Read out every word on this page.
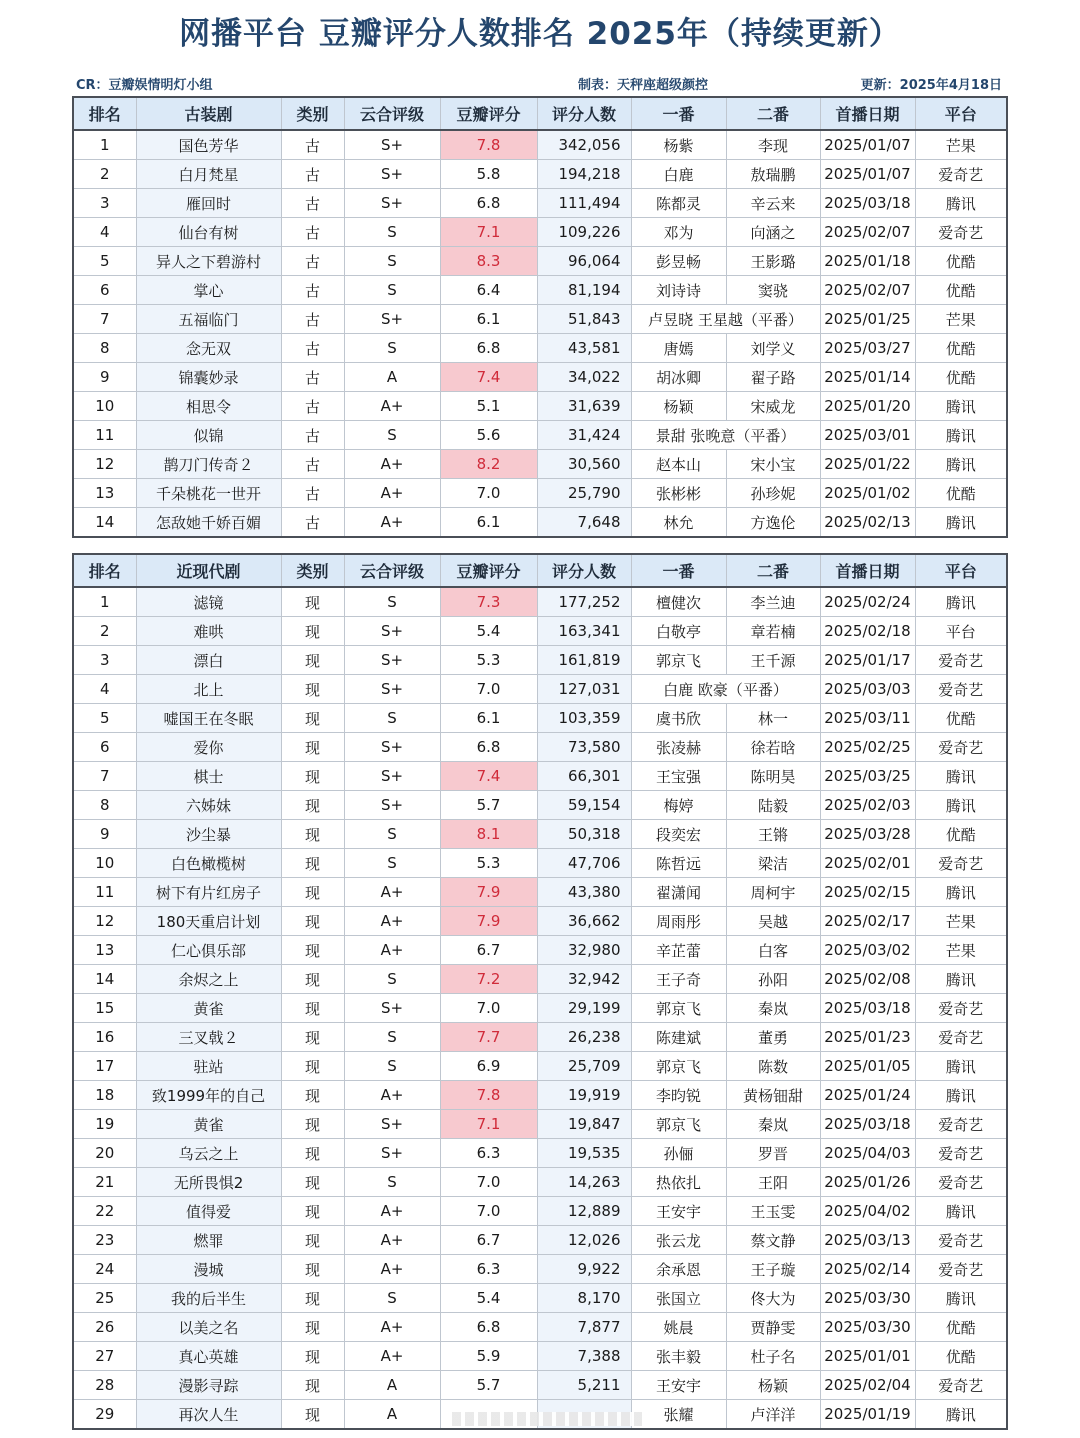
网播平台 豆瓣评分人数排名 2025年（持续更新）
CR：豆瓣娱情明灯小组	制表：天秤座超级颜控	更新：2025年4月18日
排名	古装剧	类别	云合评级	豆瓣评分	评分人数	一番	二番	首播日期	平台
1	国色芳华	古	S+	7.8	342,056	杨紫	李现	2025/01/07	芒果
2	白月梵星	古	S+	5.8	194,218	白鹿	敖瑞鹏	2025/01/07	爱奇艺
3	雁回时	古	S+	6.8	111,494	陈都灵	辛云来	2025/03/18	腾讯
4	仙台有树	古	S	7.1	109,226	邓为	向涵之	2025/02/07	爱奇艺
5	异人之下碧游村	古	S	8.3	96,064	彭昱畅	王影璐	2025/01/18	优酷
6	掌心	古	S	6.4	81,194	刘诗诗	窦骁	2025/02/07	优酷
7	五福临门	古	S+	6.1	51,843	卢昱晓 王星越（平番）		2025/01/25	芒果
8	念无双	古	S	6.8	43,581	唐嫣	刘学义	2025/03/27	优酷
9	锦囊妙录	古	A	7.4	34,022	胡冰卿	翟子路	2025/01/14	优酷
10	相思令	古	A+	5.1	31,639	杨颖	宋威龙	2025/01/20	腾讯
11	似锦	古	S	5.6	31,424	景甜 张晚意（平番）		2025/03/01	腾讯
12	鹊刀门传奇２	古	A+	8.2	30,560	赵本山	宋小宝	2025/01/22	腾讯
13	千朵桃花一世开	古	A+	7.0	25,790	张彬彬	孙珍妮	2025/01/02	优酷
14	怎敌她千娇百媚	古	A+	6.1	7,648	林允	方逸伦	2025/02/13	腾讯
排名	近现代剧	类别	云合评级	豆瓣评分	评分人数	一番	二番	首播日期	平台
1	滤镜	现	S	7.3	177,252	檀健次	李兰迪	2025/02/24	腾讯
2	难哄	现	S+	5.4	163,341	白敬亭	章若楠	2025/02/18	平台
3	漂白	现	S+	5.3	161,819	郭京飞	王千源	2025/01/17	爱奇艺
4	北上	现	S+	7.0	127,031	白鹿 欧豪（平番）		2025/03/03	爱奇艺
5	嘘国王在冬眠	现	S	6.1	103,359	虞书欣	林一	2025/03/11	优酷
6	爱你	现	S+	6.8	73,580	张凌赫	徐若晗	2025/02/25	爱奇艺
7	棋士	现	S+	7.4	66,301	王宝强	陈明昊	2025/03/25	腾讯
8	六姊妹	现	S+	5.7	59,154	梅婷	陆毅	2025/02/03	腾讯
9	沙尘暴	现	S	8.1	50,318	段奕宏	王锵	2025/03/28	优酷
10	白色橄榄树	现	S	5.3	47,706	陈哲远	梁洁	2025/02/01	爱奇艺
11	树下有片红房子	现	A+	7.9	43,380	翟潇闻	周柯宇	2025/02/15	腾讯
12	180天重启计划	现	A+	7.9	36,662	周雨彤	吴越	2025/02/17	芒果
13	仁心俱乐部	现	A+	6.7	32,980	辛芷蕾	白客	2025/03/02	芒果
14	余烬之上	现	S	7.2	32,942	王子奇	孙阳	2025/02/08	腾讯
15	黄雀	现	S+	7.0	29,199	郭京飞	秦岚	2025/03/18	爱奇艺
16	三叉戟２	现	S	7.7	26,238	陈建斌	董勇	2025/01/23	爱奇艺
17	驻站	现	S	6.9	25,709	郭京飞	陈数	2025/01/05	腾讯
18	致1999年的自己	现	A+	7.8	19,919	李昀锐	黄杨钿甜	2025/01/24	腾讯
19	黄雀	现	S+	7.1	19,847	郭京飞	秦岚	2025/03/18	爱奇艺
20	乌云之上	现	S+	6.3	19,535	孙俪	罗晋	2025/04/03	爱奇艺
21	无所畏惧2	现	S	7.0	14,263	热依扎	王阳	2025/01/26	爱奇艺
22	值得爱	现	A+	7.0	12,889	王安宇	王玉雯	2025/04/02	腾讯
23	燃罪	现	A+	6.7	12,026	张云龙	蔡文静	2025/03/13	爱奇艺
24	漫城	现	A+	6.3	9,922	余承恩	王子璇	2025/02/14	爱奇艺
25	我的后半生	现	S	5.4	8,170	张国立	佟大为	2025/03/30	腾讯
26	以美之名	现	A+	6.8	7,877	姚晨	贾静雯	2025/03/30	优酷
27	真心英雄	现	A+	5.9	7,388	张丰毅	杜子名	2025/01/01	优酷
28	漫影寻踪	现	A	5.7	5,211	王安宇	杨颖	2025/02/04	爱奇艺
29	再次人生	现	A			张耀	卢洋洋	2025/01/19	腾讯
